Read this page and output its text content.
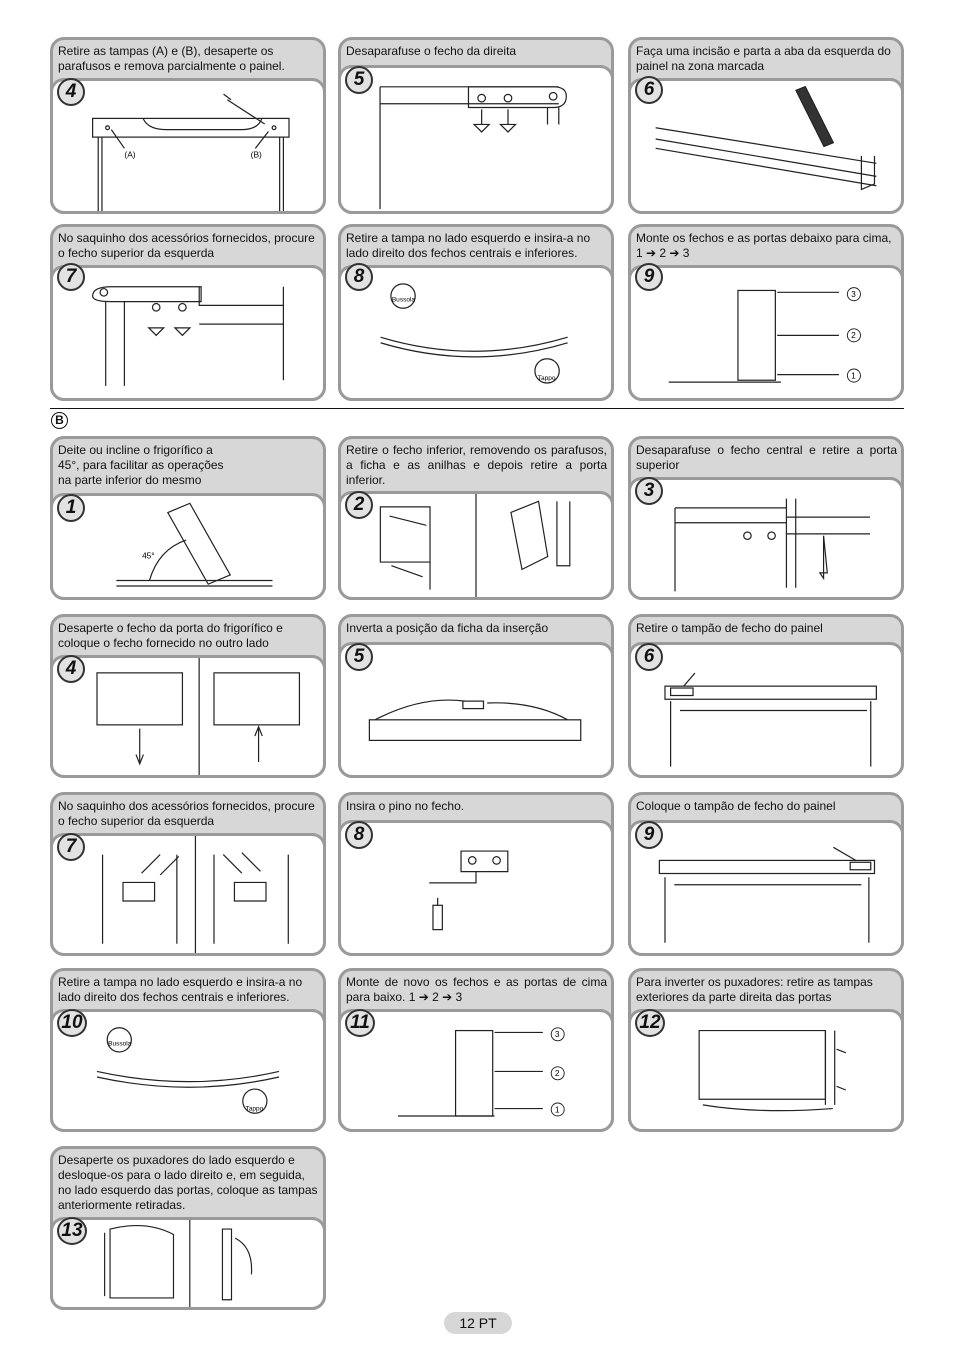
Retire as tampas (A) e (B), desaperte os parafusos e remova parcialmente o painel.
(A)	(B)
4
Desaparafuse o fecho da direita
5
Faça uma incisão e parta a aba da esquerda do painel na zona marcada
6
No saquinho dos acessórios fornecidos, procure o fecho superior da esquerda
7
Retire a tampa no lado esquerdo e insira-a no lado direito dos fechos centrais e inferiores.
Bussola
Tappo
8
Monte os fechos e as portas debaixo para cima, 1 ➔ 2 ➔ 3
3
2
1
9
B
Deite ou incline o frigorífico a 45°, para facilitar as operações na parte inferior do mesmo
45°
1
Retire o fecho inferior, removendo os parafusos, a ficha e as anilhas e depois retire a porta inferior.
2
Desaparafuse o fecho central e retire a porta superior
3
Desaperte o fecho da porta do frigorífico e coloque o fecho fornecido no outro lado
4
Inverta a posição da ficha da inserção
5
Retire o tampão de fecho do painel
6
No saquinho dos acessórios fornecidos, procure o fecho superior da esquerda
7
Insira o pino no fecho.
8
Coloque o tampão de fecho do painel
9
Retire a tampa no lado esquerdo e insira-a no lado direito dos fechos centrais e inferiores.
Bussola
Tappo
10
Monte de novo os fechos e as portas de cima para baixo. 1 ➔ 2 ➔ 3
3
2
1
11
Para inverter os puxadores: retire as tampas exteriores da parte direita das portas
12
Desaperte os puxadores do lado esquerdo e desloque-os para o lado direito e, em seguida, no lado esquerdo das portas, coloque as tampas anteriormente retiradas.
13
12 PT
